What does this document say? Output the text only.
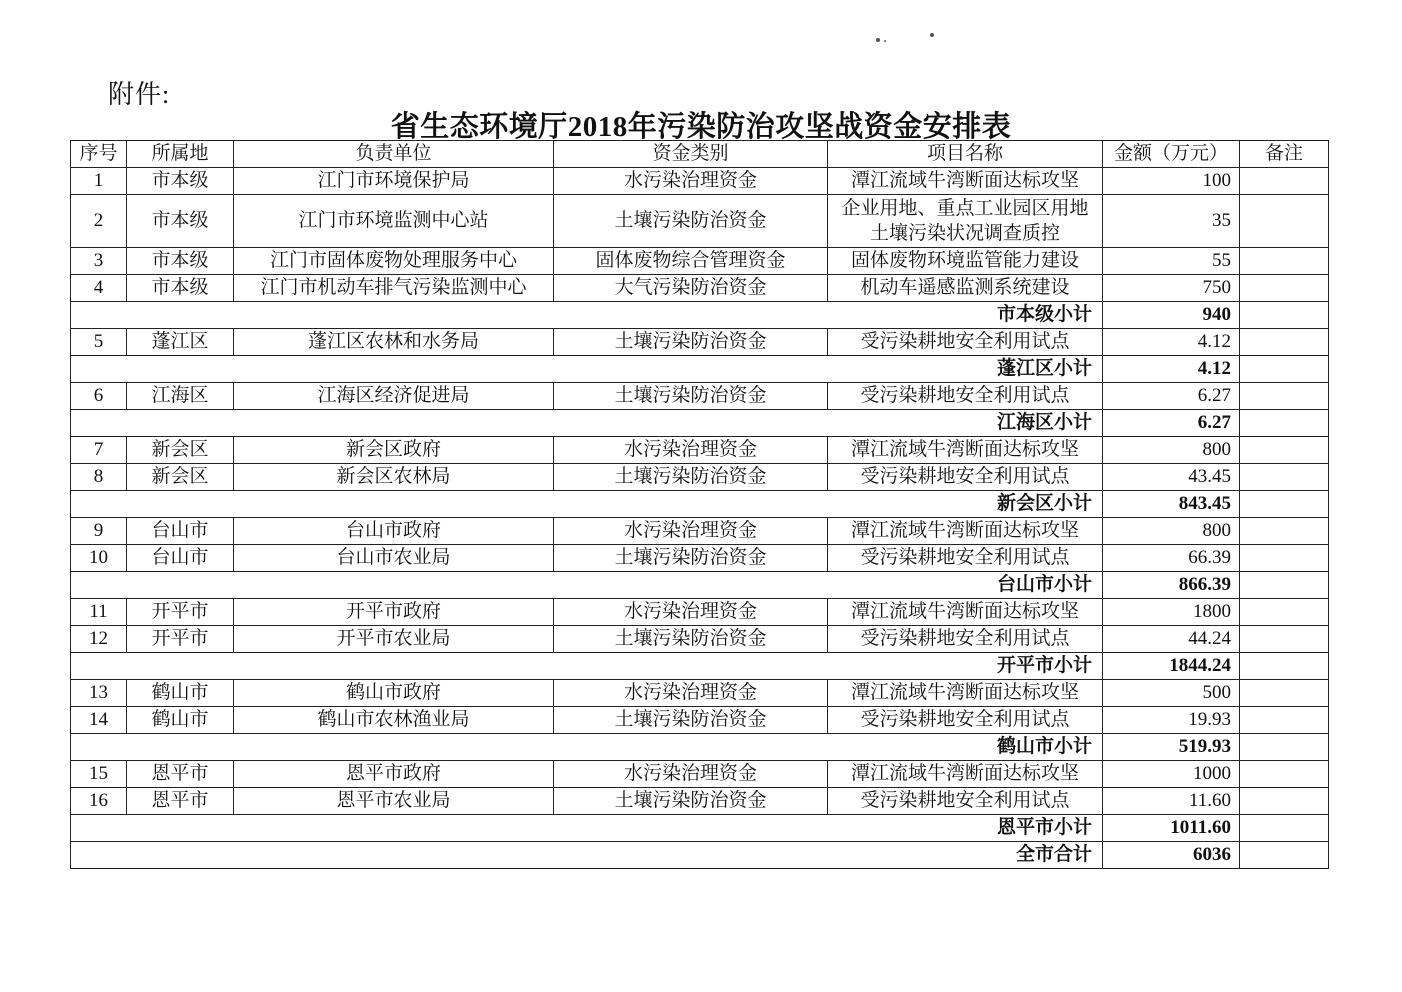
附件:
省生态环境厅2018年污染防治攻坚战资金安排表
序号	所属地	负责单位	资金类别	项目名称	金额（万元）	备注
1	市本级	江门市环境保护局	水污染治理资金	潭江流域牛湾断面达标攻坚	100	
2	市本级	江门市环境监测中心站	土壤污染防治资金	企业用地、重点工业园区用地土壤污染状况调查质控	35	
3	市本级	江门市固体废物处理服务中心	固体废物综合管理资金	固体废物环境监管能力建设	55	
4	市本级	江门市机动车排气污染监测中心	大气污染防治资金	机动车遥感监测系统建设	750	
市本级小计					940	
5	蓬江区	蓬江区农林和水务局	土壤污染防治资金	受污染耕地安全利用试点	4.12	
蓬江区小计					4.12	
6	江海区	江海区经济促进局	土壤污染防治资金	受污染耕地安全利用试点	6.27	
江海区小计					6.27	
7	新会区	新会区政府	水污染治理资金	潭江流域牛湾断面达标攻坚	800	
8	新会区	新会区农林局	土壤污染防治资金	受污染耕地安全利用试点	43.45	
新会区小计					843.45	
9	台山市	台山市政府	水污染治理资金	潭江流域牛湾断面达标攻坚	800	
10	台山市	台山市农业局	土壤污染防治资金	受污染耕地安全利用试点	66.39	
台山市小计					866.39	
11	开平市	开平市政府	水污染治理资金	潭江流域牛湾断面达标攻坚	1800	
12	开平市	开平市农业局	土壤污染防治资金	受污染耕地安全利用试点	44.24	
开平市小计					1844.24	
13	鹤山市	鹤山市政府	水污染治理资金	潭江流域牛湾断面达标攻坚	500	
14	鹤山市	鹤山市农林渔业局	土壤污染防治资金	受污染耕地安全利用试点	19.93	
鹤山市小计					519.93	
15	恩平市	恩平市政府	水污染治理资金	潭江流域牛湾断面达标攻坚	1000	
16	恩平市	恩平市农业局	土壤污染防治资金	受污染耕地安全利用试点	11.60	
恩平市小计					1011.60	
全市合计					6036	
